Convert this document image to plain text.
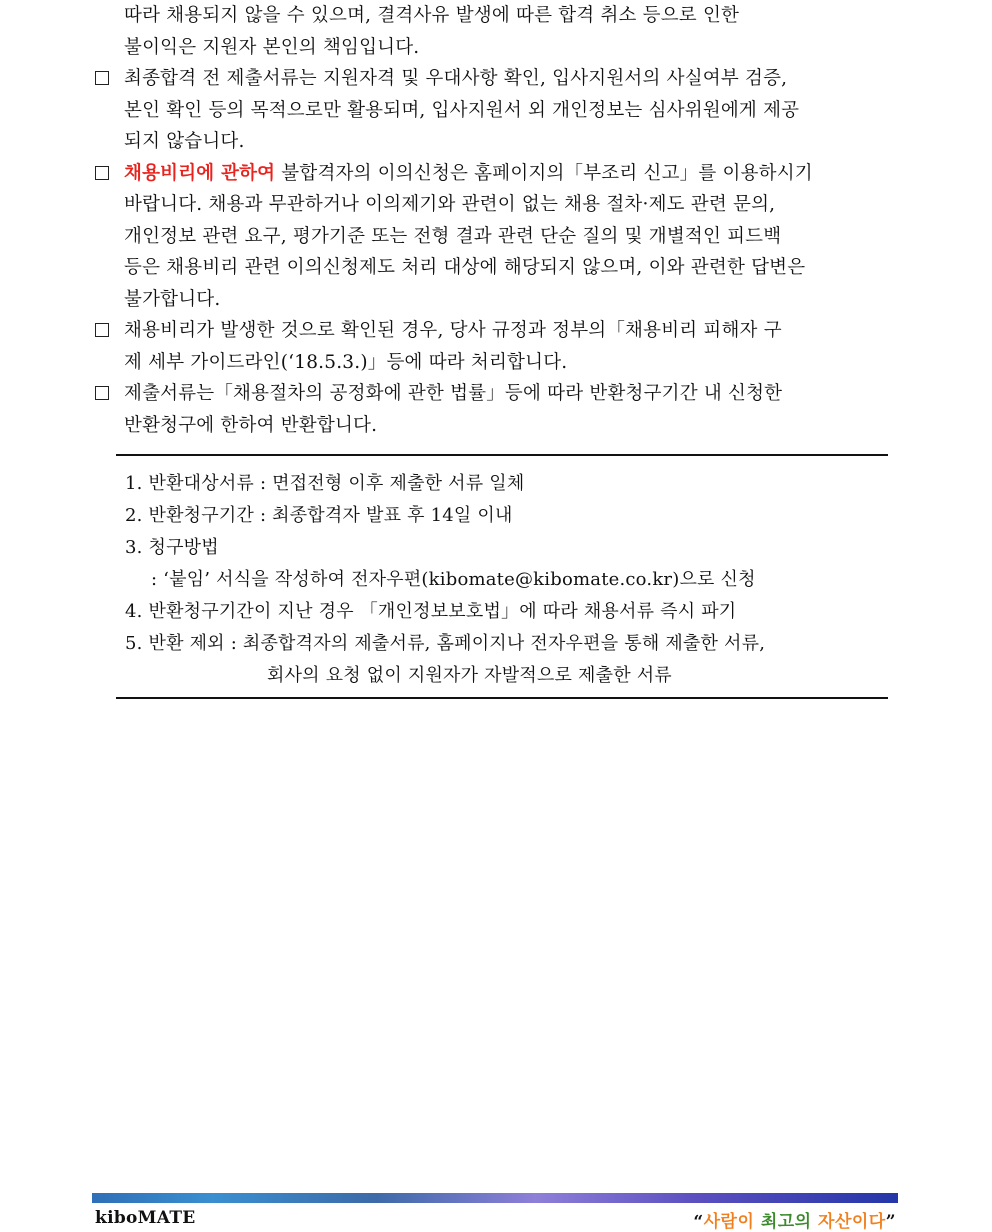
따라 채용되지 않을 수 있으며, 결격사유 발생에 따른 합격 취소 등으로 인한
불이익은 지원자 본인의 책임입니다.
최종합격 전 제출서류는 지원자격 및 우대사항 확인, 입사지원서의 사실여부 검증,
본인 확인 등의 목적으로만 활용되며, 입사지원서 외 개인정보는 심사위원에게 제공
되지 않습니다.
채용비리에 관하여 불합격자의 이의신청은 홈페이지의「부조리 신고」를 이용하시기
바랍니다. 채용과 무관하거나 이의제기와 관련이 없는 채용 절차·제도 관련 문의,
개인정보 관련 요구, 평가기준 또는 전형 결과 관련 단순 질의 및 개별적인 피드백
등은 채용비리 관련 이의신청제도 처리 대상에 해당되지 않으며, 이와 관련한 답변은
불가합니다.
채용비리가 발생한 것으로 확인된 경우, 당사 규정과 정부의「채용비리 피해자 구
제 세부 가이드라인(‘18.5.3.)」등에 따라 처리합니다.
제출서류는「채용절차의 공정화에 관한 법률」등에 따라 반환청구기간 내 신청한
반환청구에 한하여 반환합니다.
1. 반환대상서류 : 면접전형 이후 제출한 서류 일체
2. 반환청구기간 : 최종합격자 발표 후 14일 이내
3. 청구방법
: ‘붙임’ 서식을 작성하여 전자우편(kibomate@kibomate.co.kr)으로 신청
4. 반환청구기간이 지난 경우 「개인정보보호법」에 따라 채용서류 즉시 파기
5. 반환 제외 : 최종합격자의 제출서류, 홈페이지나 전자우편을 통해 제출한 서류,
회사의 요청 없이 지원자가 자발적으로 제출한 서류
kiboMATE	“사람이 최고의 자산이다”
